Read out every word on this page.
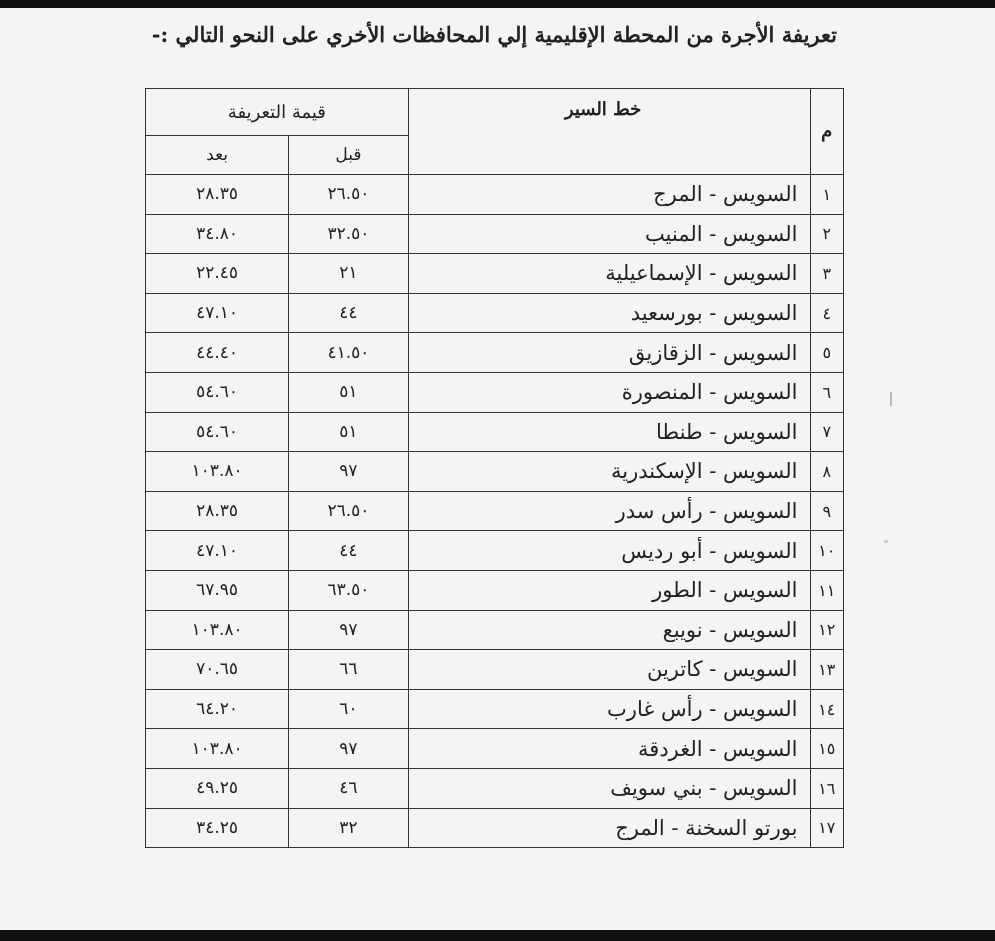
تعريفة الأجرة من المحطة الإقليمية إلي المحافظات الأخري على النحو التالي :-
م	خط السير	قيمة التعريفة	
		قبل	بعد
١	السويس - المرج	٢٦.٥٠	٢٨.٣٥
٢	السويس - المنيب	٣٢.٥٠	٣٤.٨٠
٣	السويس - الإسماعيلية	٢١	٢٢.٤٥
٤	السويس - بورسعيد	٤٤	٤٧.١٠
٥	السويس - الزقازيق	٤١.٥٠	٤٤.٤٠
٦	السويس - المنصورة	٥١	٥٤.٦٠
٧	السويس - طنطا	٥١	٥٤.٦٠
٨	السويس - الإسكندرية	٩٧	١٠٣.٨٠
٩	السويس - رأس سدر	٢٦.٥٠	٢٨.٣٥
١٠	السويس - أبو رديس	٤٤	٤٧.١٠
١١	السويس - الطور	٦٣.٥٠	٦٧.٩٥
١٢	السويس - نويبع	٩٧	١٠٣.٨٠
١٣	السويس - كاترين	٦٦	٧٠.٦٥
١٤	السويس - رأس غارب	٦٠	٦٤.٢٠
١٥	السويس - الغردقة	٩٧	١٠٣.٨٠
١٦	السويس - بني سويف	٤٦	٤٩.٢٥
١٧	بورتو السخنة - المرج	٣٢	٣٤.٢٥
